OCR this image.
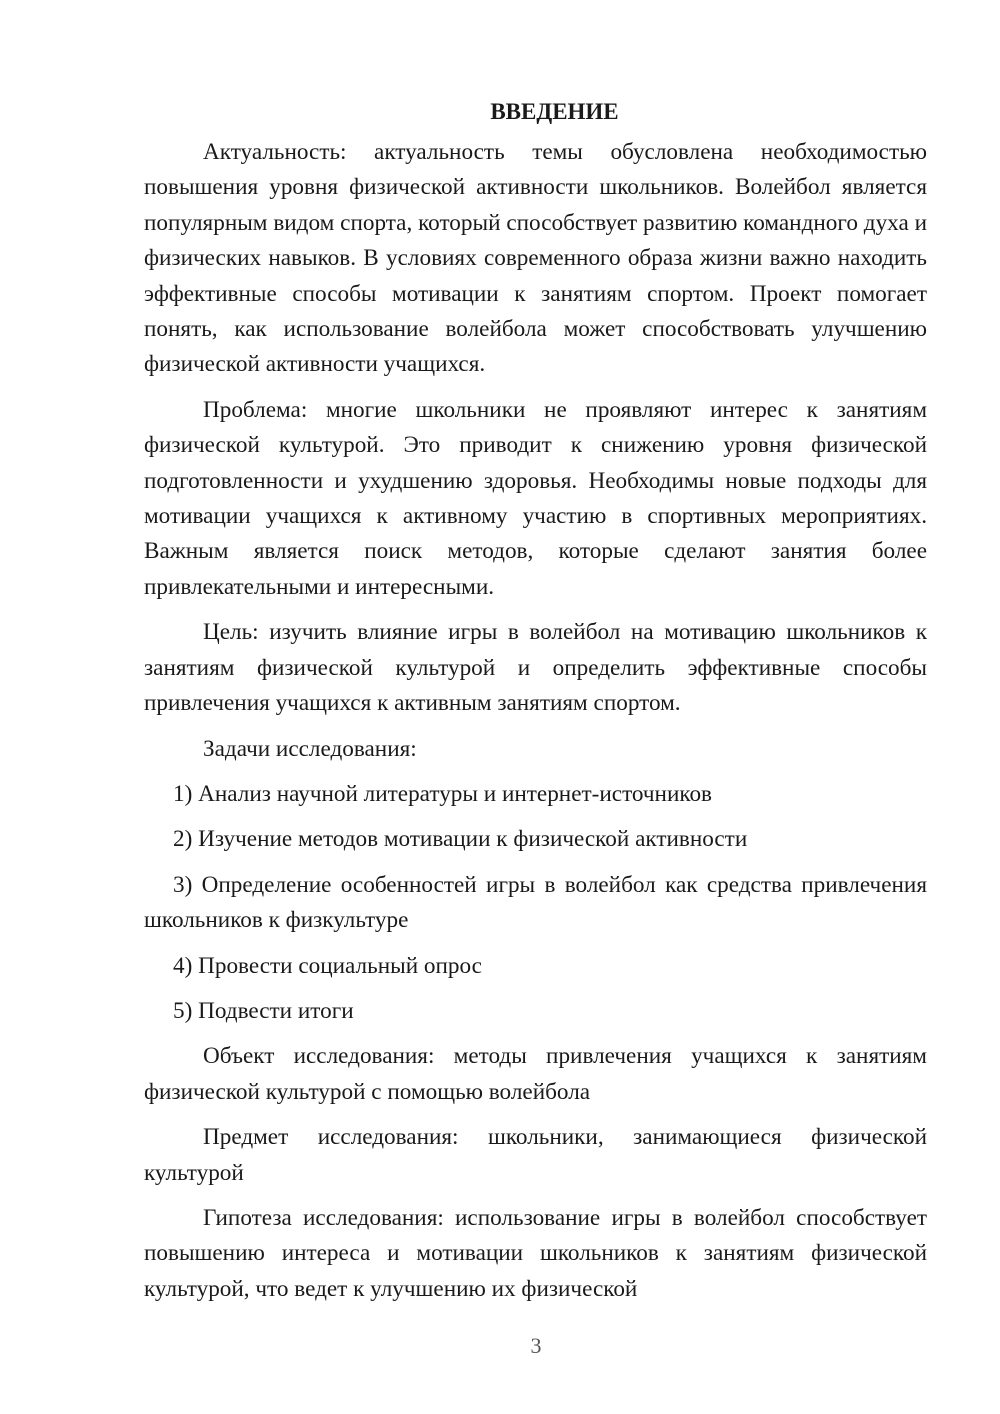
ВВЕДЕНИЕ

Актуальность: актуальность темы обусловлена необходимостью повышения уровня физической активности школьников. Волейбол является популярным видом спорта, который способствует развитию командного духа и физических навыков. В условиях современного образа жизни важно находить эффективные способы мотивации к занятиям спортом. Проект помогает понять, как использование волейбола может способствовать улучшению физической активности учащихся.

Проблема: многие школьники не проявляют интерес к занятиям физической культурой. Это приводит к снижению уровня физической подготовленности и ухудшению здоровья. Необходимы новые подходы для мотивации учащихся к активному участию в спортивных мероприятиях. Важным является поиск методов, которые сделают занятия более привлекательными и интересными.

Цель: изучить влияние игры в волейбол на мотивацию школьников к занятиям физической культурой и определить эффективные способы привлечения учащихся к активным занятиям спортом.

Задачи исследования:

1) Анализ научной литературы и интернет-источников

2) Изучение методов мотивации к физической активности

3) Определение особенностей игры в волейбол как средства привлечения школьников к физкультуре

4) Провести социальный опрос

5) Подвести итоги

Объект исследования: методы привлечения учащихся к занятиям физической культурой с помощью волейбола

Предмет исследования: школьники, занимающиеся физической культурой

Гипотеза исследования: использование игры в волейбол способствует повышению интереса и мотивации школьников к занятиям физической культурой, что ведет к улучшению их физической

3
